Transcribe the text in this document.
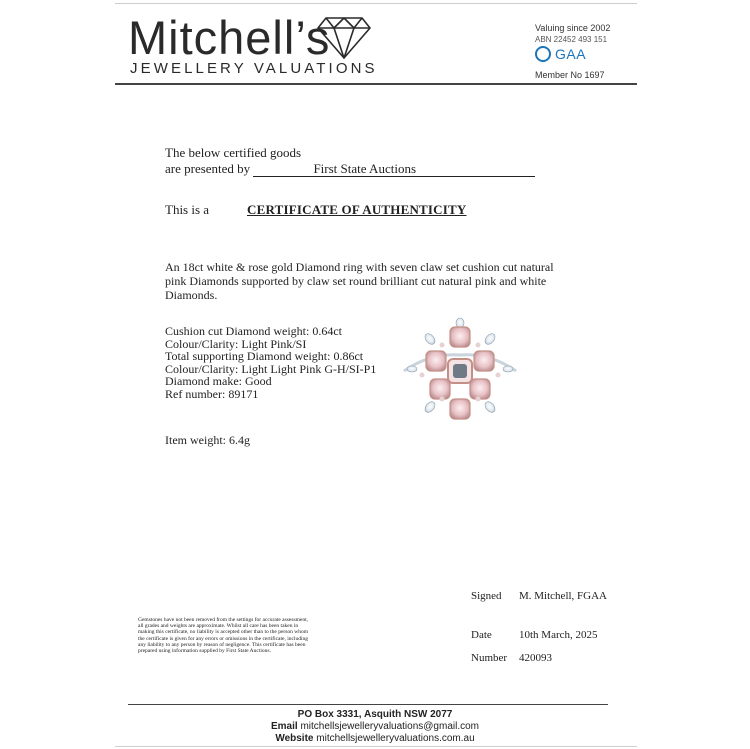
Mitchell’s
JEWELLERY VALUATIONS
Valuing since 2002
ABN 22452 493 151
GAA
Member No 1697
The below certified goods
are presented by	First State Auctions
This is a	CERTIFICATE OF AUTHENTICITY
An 18ct white & rose gold Diamond ring with seven claw set cushion cut natural pink Diamonds supported by claw set round brilliant cut natural pink and white Diamonds.
Cushion cut Diamond weight: 0.64ct
Colour/Clarity: Light Pink/SI
Total supporting Diamond weight: 0.86ct
Colour/Clarity: Light Light Pink G-H/SI-P1
Diamond make: Good
Ref number: 89171
Item weight: 6.4g
Signed M. Mitchell, FGAA
Date 10th March, 2025
Number 420093
Gemstones have not been removed from the settings for accurate assessment, all grades and weights are approximate. Whilst all care has been taken in making this certificate, no liability is accepted other than to the person whom the certificate is given for any errors or omissions in the certificate, including any liability to any person by reason of negligence. This certificate has been prepared using information supplied by First State Auctions.
PO Box 3331, Asquith NSW 2077
Email mitchellsjewelleryvaluations@gmail.com
Website mitchellsjewelleryvaluations.com.au
